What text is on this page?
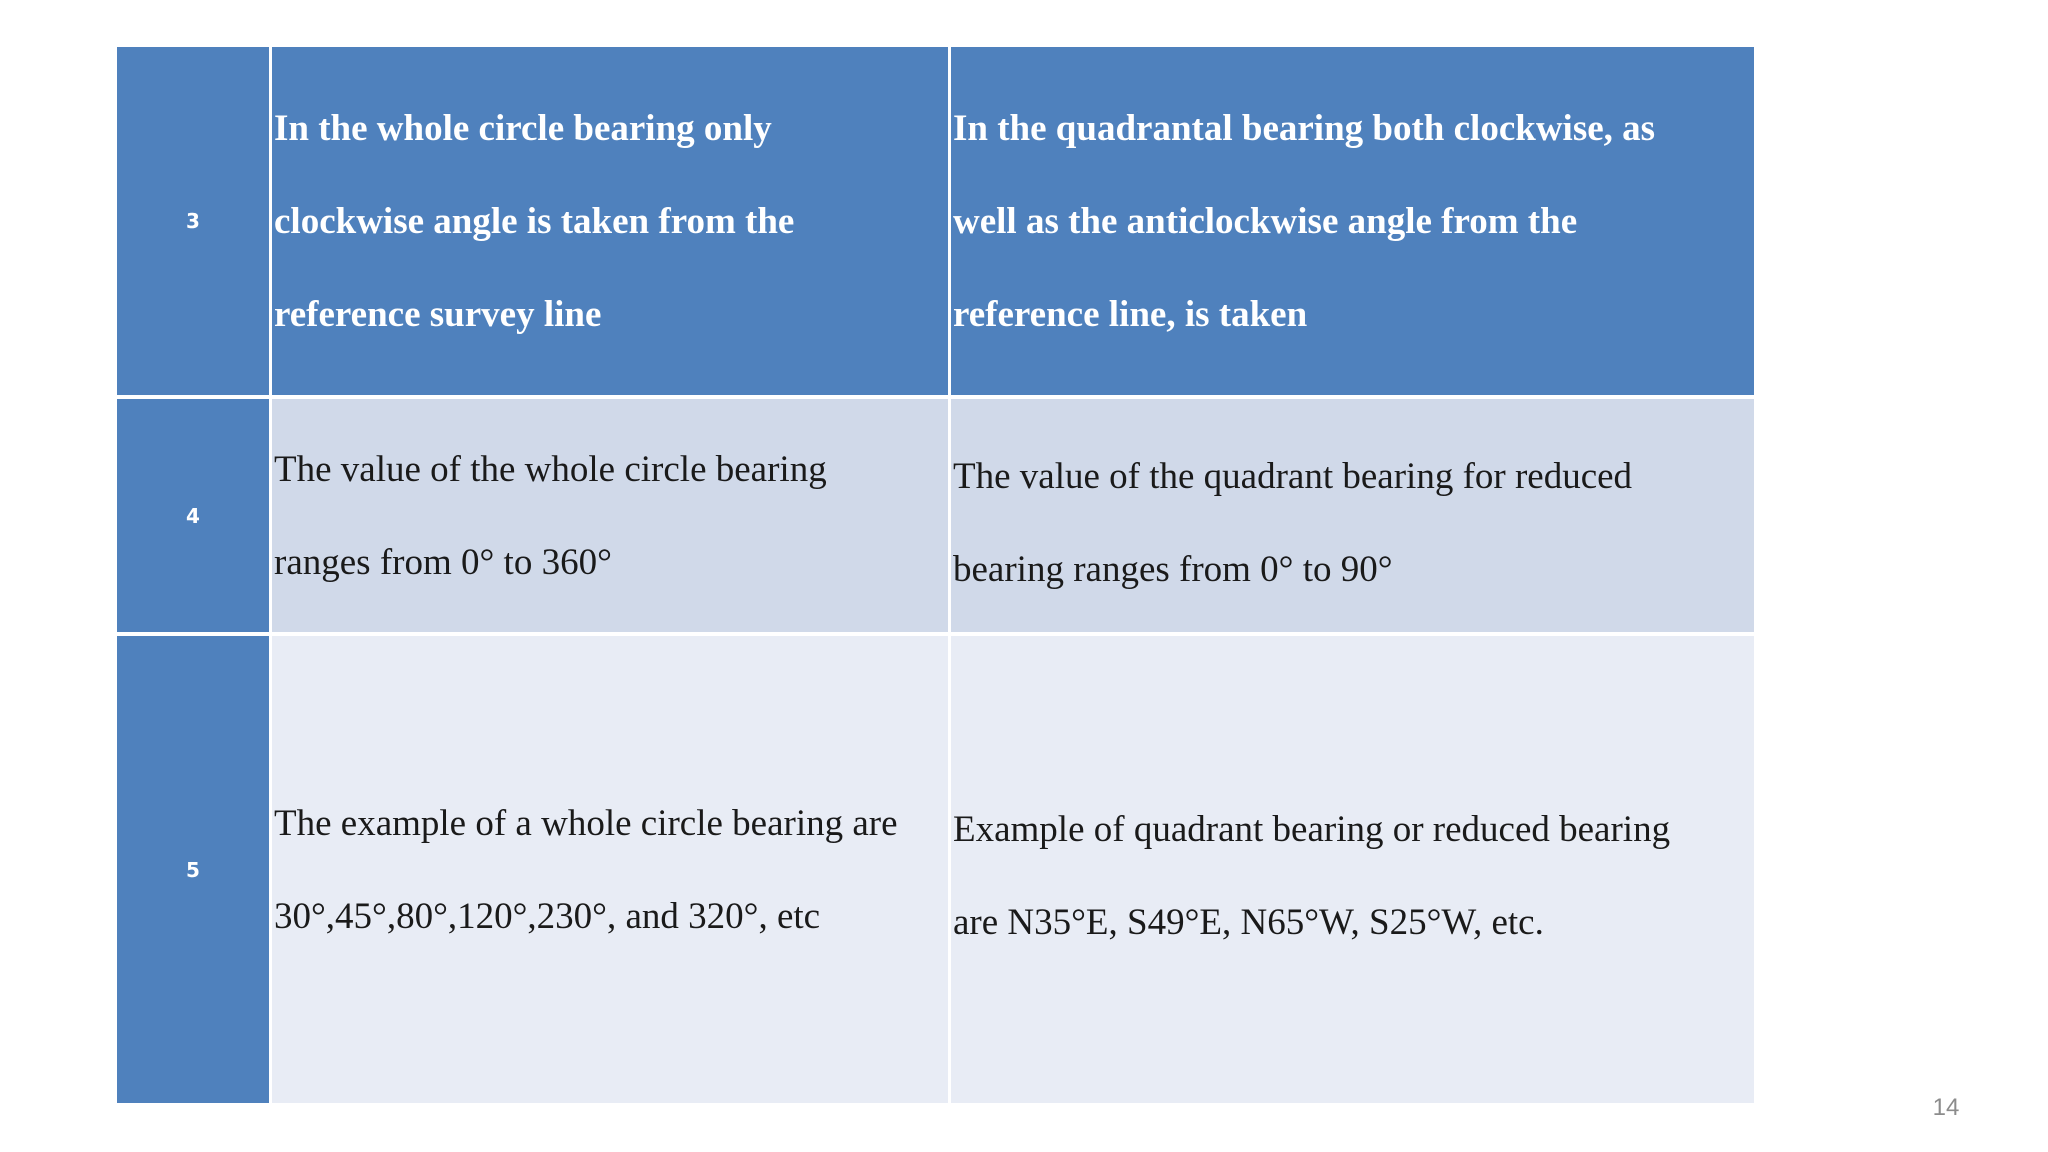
3
In the whole circle bearing only
clockwise angle is taken from the
reference survey line
In the quadrantal bearing both clockwise, as
well as the anticlockwise angle from the
reference line, is taken
4
The value of the whole circle bearing
ranges from 0° to 360°
The value of the quadrant bearing for reduced
bearing ranges from 0° to 90°
5
The example of a whole circle bearing are
30°,45°,80°,120°,230°, and 320°, etc
Example of quadrant bearing or reduced bearing
are N35°E, S49°E, N65°W, S25°W, etc.
14
